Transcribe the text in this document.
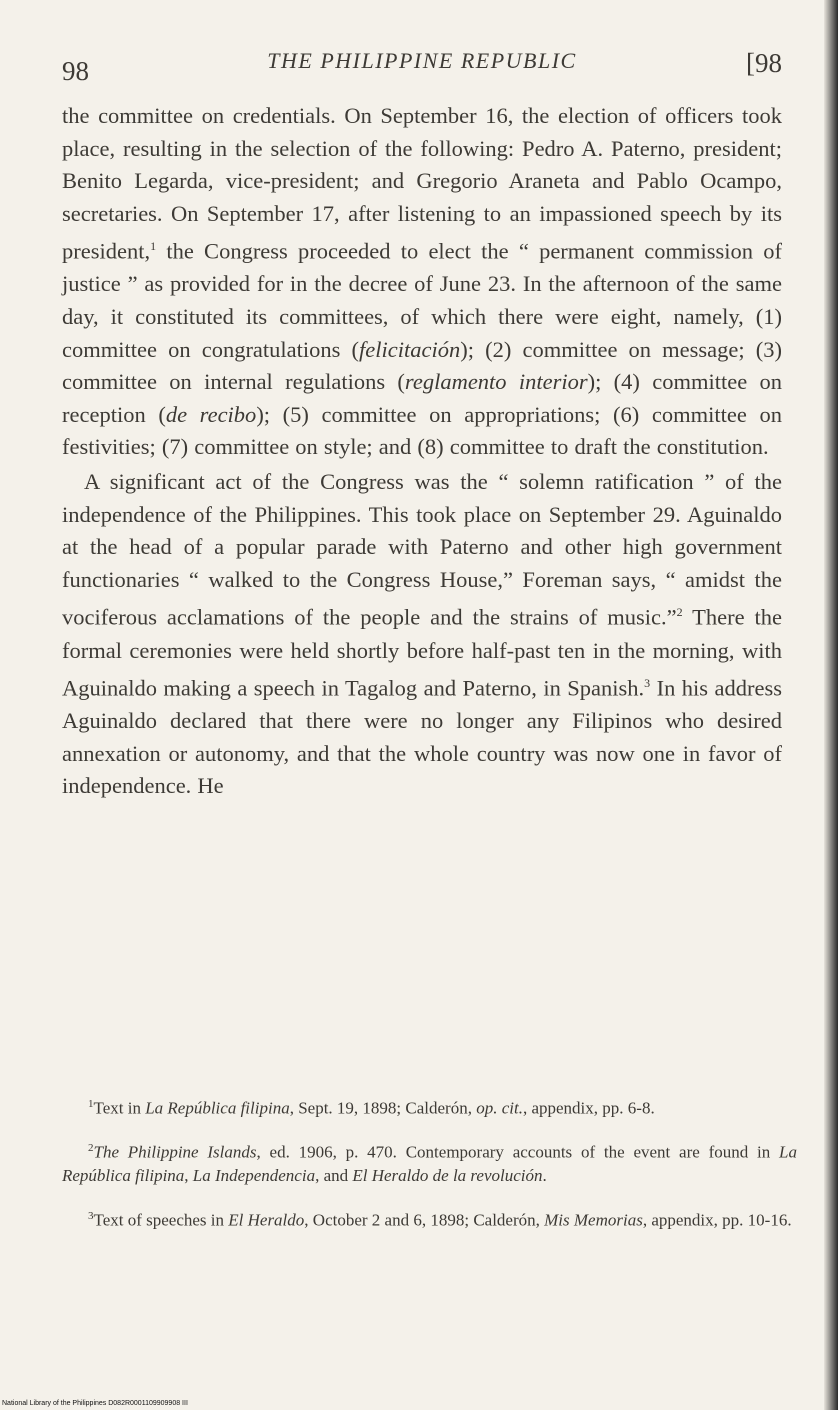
98	THE PHILIPPINE REPUBLIC	[98

the committee on credentials. On September 16, the election of officers took place, resulting in the selection of the following: Pedro A. Paterno, president; Benito Legarda, vice-president; and Gregorio Araneta and Pablo Ocampo, secretaries. On September 17, after listening to an impassioned speech by its president,$^1$ the Congress proceeded to elect the “ permanent commission of justice ” as provided for in the decree of June 23. In the afternoon of the same day, it constituted its committees, of which there were eight, namely, (1) committee on congratulations (felicitación); (2) committee on message; (3) committee on internal regulations (reglamento interior); (4) committee on reception (de recibo); (5) committee on appropriations; (6) committee on festivities; (7) committee on style; and (8) committee to draft the constitution.

A significant act of the Congress was the “ solemn ratification ” of the independence of the Philippines. This took place on September 29. Aguinaldo at the head of a popular parade with Paterno and other high government functionaries “ walked to the Congress House,” Foreman says, “ amidst the vociferous acclamations of the people and the strains of music.”$^2$ There the formal ceremonies were held shortly before half-past ten in the morning, with Aguinaldo making a speech in Tagalog and Paterno, in Spanish.$^3$ In his address Aguinaldo declared that there were no longer any Filipinos who desired annexation or autonomy, and that the whole country was now one in favor of independence. He

$^1$Text in La República filipina, Sept. 19, 1898; Calderón, op. cit., appendix, pp. 6-8.

$^2$The Philippine Islands, ed. 1906, p. 470. Contemporary accounts of the event are found in La República filipina, La Independencia, and El Heraldo de la revolución.

$^3$Text of speeches in El Heraldo, October 2 and 6, 1898; Calderón, Mis Memorias, appendix, pp. 10-16.

National Library of the Philippines D082R0001109909908 III
